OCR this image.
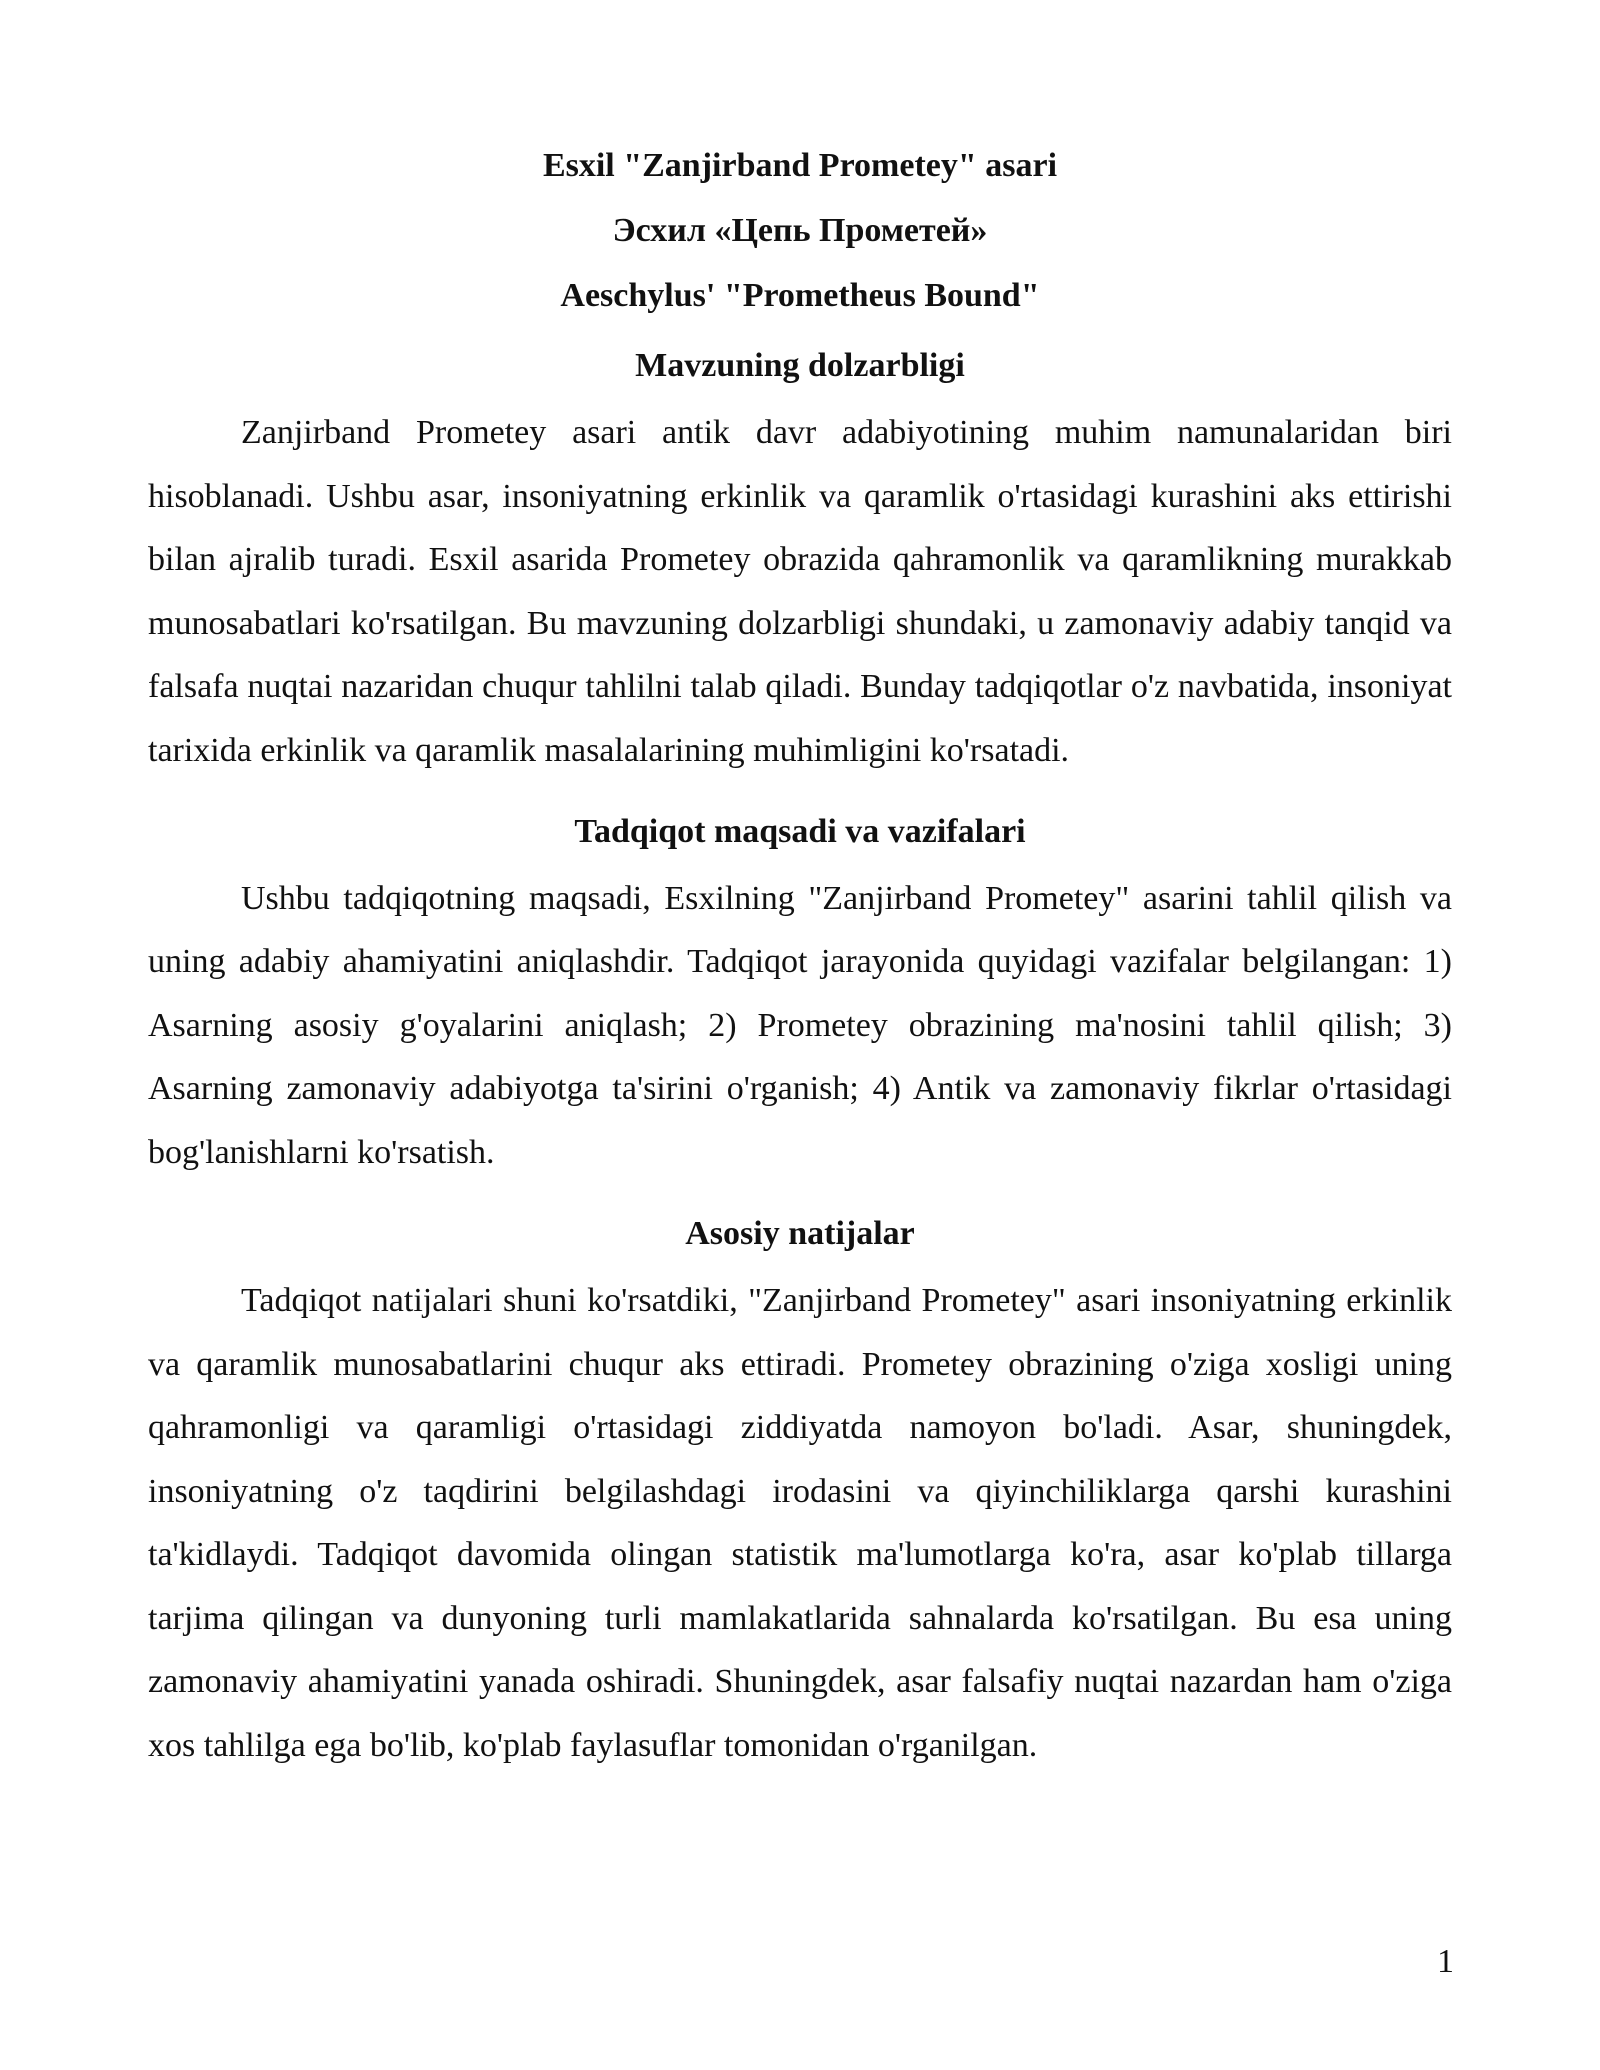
Esxil "Zanjirband Prometey" asari
Эсхил «Цепь Прометей»
Aeschylus' "Prometheus Bound"
Mavzuning dolzarbligi

Zanjirband Prometey asari antik davr adabiyotining muhim namunalaridan biri hisoblanadi. Ushbu asar, insoniyatning erkinlik va qaramlik o'rtasidagi kurashini aks ettirishi bilan ajralib turadi. Esxil asarida Prometey obrazida qahramonlik va qaramlikning murakkab munosabatlari ko'rsatilgan. Bu mavzuning dolzarbligi shundaki, u zamonaviy adabiy tanqid va falsafa nuqtai nazaridan chuqur tahlilni talab qiladi. Bunday tadqiqotlar o'z navbatida, insoniyat tarixida erkinlik va qaramlik masalalarining muhimligini ko'rsatadi.

Tadqiqot maqsadi va vazifalari

Ushbu tadqiqotning maqsadi, Esxilning "Zanjirband Prometey" asarini tahlil qilish va uning adabiy ahamiyatini aniqlashdir. Tadqiqot jarayonida quyidagi vazifalar belgilangan: 1) Asarning asosiy g'oyalarini aniqlash; 2) Prometey obrazining ma'nosini tahlil qilish; 3) Asarning zamonaviy adabiyotga ta'sirini o'rganish; 4) Antik va zamonaviy fikrlar o'rtasidagi bog'lanishlarni ko'rsatish.

Asosiy natijalar

Tadqiqot natijalari shuni ko'rsatdiki, "Zanjirband Prometey" asari insoniyatning erkinlik va qaramlik munosabatlarini chuqur aks ettiradi. Prometey obrazining o'ziga xosligi uning qahramonligi va qaramligi o'rtasidagi ziddiyatda namoyon bo'ladi. Asar, shuningdek, insoniyatning o'z taqdirini belgilashdagi irodasini va qiyinchiliklarga qarshi kurashini ta'kidlaydi. Tadqiqot davomida olingan statistik ma'lumotlarga ko'ra, asar ko'plab tillarga tarjima qilingan va dunyoning turli mamlakatlarida sahnalarda ko'rsatilgan. Bu esa uning zamonaviy ahamiyatini yanada oshiradi. Shuningdek, asar falsafiy nuqtai nazardan ham o'ziga xos tahlilga ega bo'lib, ko'plab faylasuflar tomonidan o'rganilgan.

1
